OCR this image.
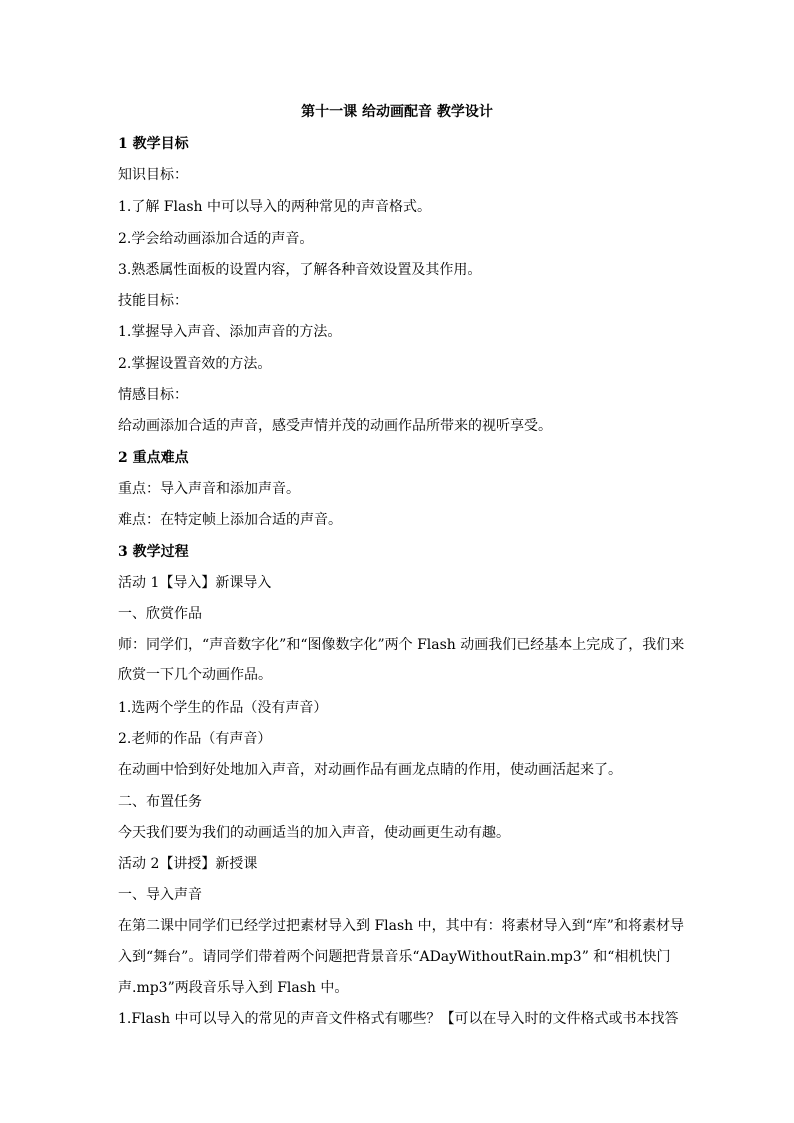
第十一课 给动画配音 教学设计
1 教学目标
知识目标：
1.了解 Flash 中可以导入的两种常见的声音格式。
2.学会给动画添加合适的声音。
3.熟悉属性面板的设置内容，了解各种音效设置及其作用。
技能目标：
1.掌握导入声音、添加声音的方法。
2.掌握设置音效的方法。
情感目标：
给动画添加合适的声音，感受声情并茂的动画作品所带来的视听享受。
2 重点难点
重点：导入声音和添加声音。
难点：在特定帧上添加合适的声音。
3 教学过程
活动 1【导入】新课导入
一、欣赏作品
师：同学们，“声音数字化”和“图像数字化”两个 Flash 动画我们已经基本上完成了，我们来
欣赏一下几个动画作品。
1.选两个学生的作品（没有声音）
2.老师的作品（有声音）
在动画中恰到好处地加入声音，对动画作品有画龙点睛的作用，使动画活起来了。
二、布置任务
今天我们要为我们的动画适当的加入声音，使动画更生动有趣。
活动 2【讲授】新授课
一、导入声音
在第二课中同学们已经学过把素材导入到 Flash 中，其中有：将素材导入到“库”和将素材导
入到“舞台”。请同学们带着两个问题把背景音乐“ADayWithoutRain.mp3” 和“相机快门
声.mp3”两段音乐导入到 Flash 中。
1.Flash 中可以导入的常见的声音文件格式有哪些？【可以在导入时的文件格式或书本找答
